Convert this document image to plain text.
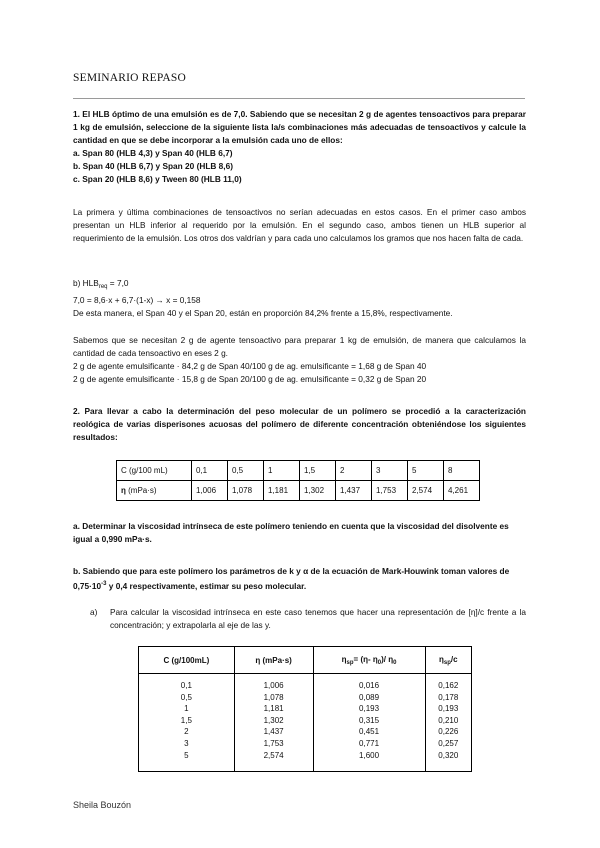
SEMINARIO REPASO

1. El HLB óptimo de una emulsión es de 7,0. Sabiendo que se necesitan 2 g de agentes tensoactivos para preparar 1 kg de emulsión, seleccione de la siguiente lista la/s combinaciones más adecuadas de tensoactivos y calcule la cantidad en que se debe incorporar a la emulsión cada uno de ellos:

a. Span 80 (HLB 4,3) y Span 40 (HLB 6,7)

b. Span 40 (HLB 6,7) y Span 20 (HLB 8,6)

c. Span 20 (HLB 8,6) y Tween 80 (HLB 11,0)

La primera y última combinaciones de tensoactivos no serían adecuadas en estos casos. En el primer caso ambos presentan un HLB inferior al requerido por la emulsión. En el segundo caso, ambos tienen un HLB superior al requerimiento de la emulsión. Los otros dos valdrían y para cada uno calculamos los gramos que nos hacen falta de cada.

b) $HLB_{req} = 7,0$

7,0 = 8,6·x + 6,7·(1-x) → x = 0,158

De esta manera, el Span 40 y el Span 20, están en proporción 84,2% frente a 15,8%, respectivamente.

Sabemos que se necesitan 2 g de agente tensoactivo para preparar 1 kg de emulsión, de manera que calculamos la cantidad de cada tensoactivo en eses 2 g.

2 g de agente emulsificante · 84,2 g de Span 40/100 g de ag. emulsificante = 1,68 g de Span 40

2 g de agente emulsificante · 15,8 g de Span 20/100 g de ag. emulsificante = 0,32 g de Span 20

2. Para llevar a cabo la determinación del peso molecular de un polímero se procedió a la caracterización reológica de varias disperisones acuosas del polímero de diferente concentración obteniéndose los siguientes resultados:
C (g/100 mL)	0,1	0,5	1	1,5	2	3	5	8
η (mPa·s)	1,006	1,078	1,181	1,302	1,437	1,753	2,574	4,261
a. Determinar la viscosidad intrínseca de este polímero teniendo en cuenta que la viscosidad del disolvente es igual a 0,990 mPa·s.
b. Sabiendo que para este polímero los parámetros de k y α de la ecuación de Mark-Houwink toman valores de $0,75\cdot 10^{-3}$ y 0,4 respectivamente, estimar su peso molecular.
a) Para calcular la viscosidad intrínseca en este caso tenemos que hacer una representación de [η]/c frente a la concentración; y extrapolarla al eje de las y.
C (g/100mL)	η (mPa·s)	$\eta_{sp}= (\eta-$ $\eta_0)/$ $\eta_0$	$\eta_{sp}/c$
0,1	1,006	0,016	0,162
0,5	1,078	0,089	0,178
1	1,181	0,193	0,193
1,5	1,302	0,315	0,210
2	1,437	0,451	0,226
3	1,753	0,771	0,257
5	2,574	1,600	0,320
Sheila Bouzón
